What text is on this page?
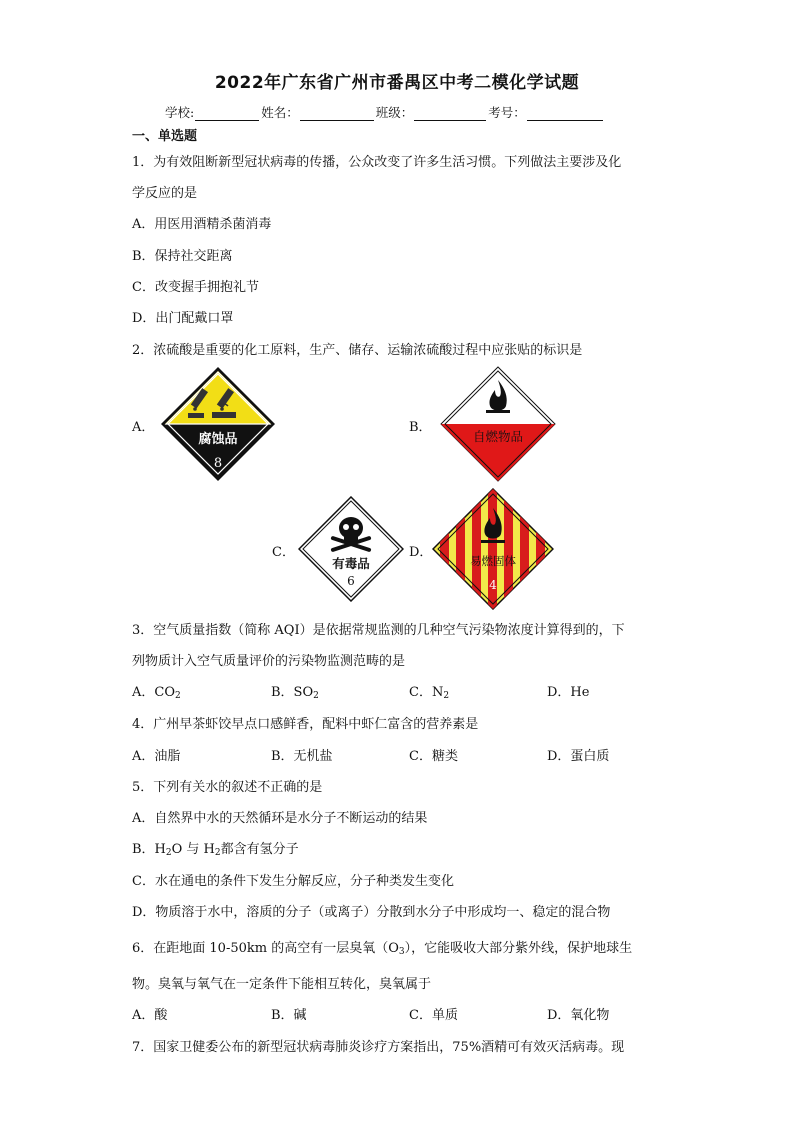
2022年广东省广州市番禺区中考二模化学试题
学校:	姓名：	班级：	考号：
一、单选题
1．为有效阻断新型冠状病毒的传播，公众改变了许多生活习惯。下列做法主要涉及化
学反应的是
A．用医用酒精杀菌消毒
B．保持社交距离
C．改变握手拥抱礼节
D．出门配戴口罩
2．浓硫酸是重要的化工原料，生产、储存、运输浓硫酸过程中应张贴的标识是
A．
腐蚀品
8
B．
自燃物品
C．
有毒品
6
D．
易燃固体
4
3．空气质量指数（简称 AQI）是依据常规监测的几种空气污染物浓度计算得到的，下
列物质计入空气质量评价的污染物监测范畴的是
A．$CO_2$	B．$SO_2$	C．$N_2$	D．He
4．广州早茶虾饺早点口感鲜香，配料中虾仁富含的营养素是
A．油脂	B．无机盐	C．糖类	D．蛋白质
5．下列有关水的叙述不正确的是
A．自然界中水的天然循环是水分子不断运动的结果
B．$H_2O$ 与 $H_2$都含有氢分子
C．水在通电的条件下发生分解反应，分子种类发生变化
D．物质溶于水中，溶质的分子（或离子）分散到水分子中形成均一、稳定的混合物
6．在距地面 10-50km 的高空有一层臭氧$(O_3)$，它能吸收大部分紫外线，保护地球生
物。臭氧与氧气在一定条件下能相互转化，臭氧属于
A．酸	B．碱	C．单质	D．氧化物
7．国家卫健委公布的新型冠状病毒肺炎诊疗方案指出，75%酒精可有效灭活病毒。现
